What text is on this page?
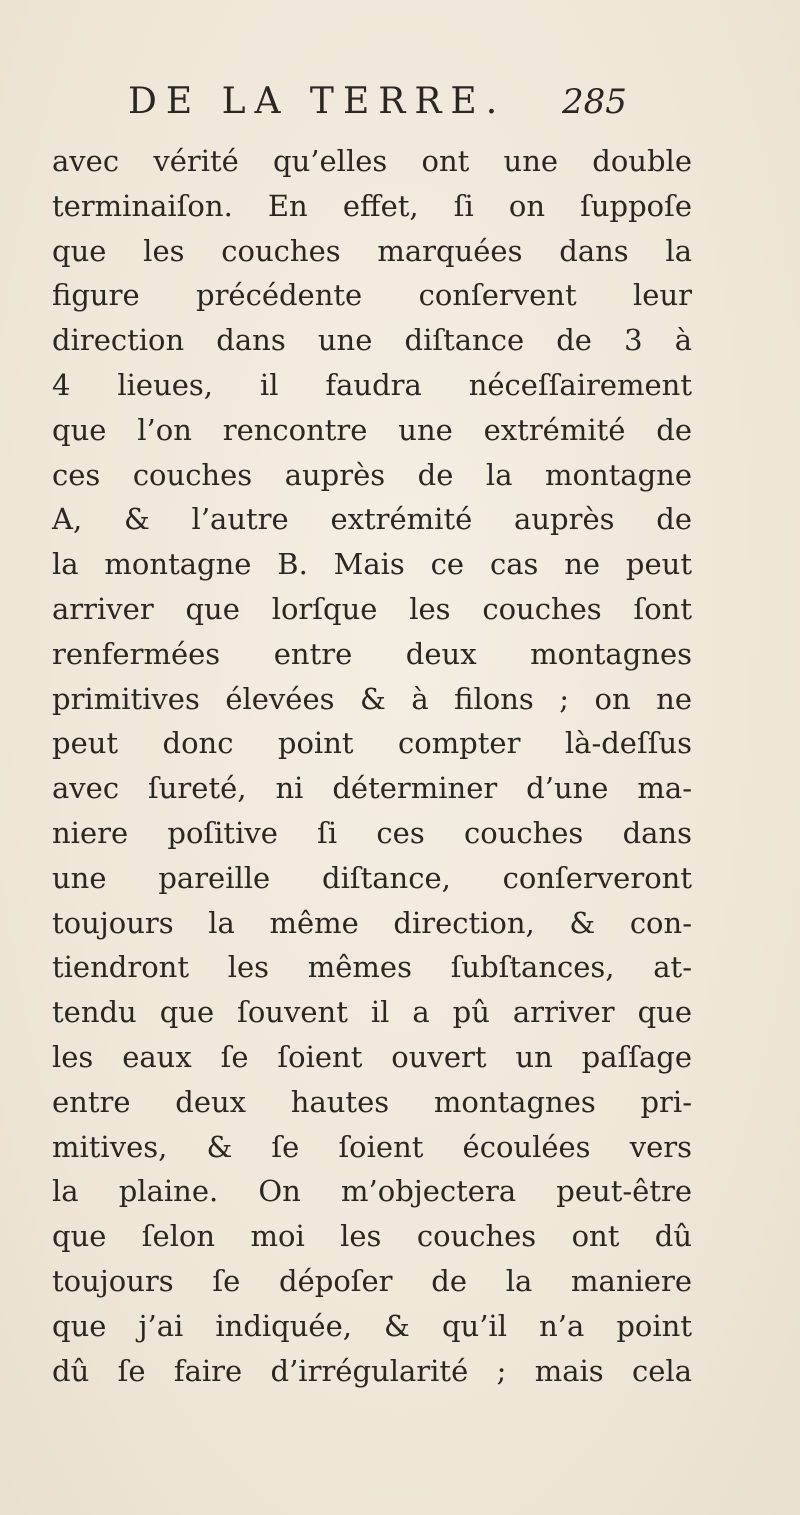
DE LA TERRE. 285
avec vérité qu’elles ont une double
terminaiſon. En effet, ſi on ſuppoſe
que les couches marquées dans la
figure précédente conſervent leur
direction dans une diſtance de 3 à
4 lieues, il faudra néceſſairement
que l’on rencontre une extrémité de
ces couches auprès de la montagne
A, & l’autre extrémité auprès de
la montagne B. Mais ce cas ne peut
arriver que lorſque les couches ſont
renfermées entre deux montagnes
primitives élevées & à filons ; on ne
peut donc point compter là-deſſus
avec ſureté, ni déterminer d’une ma-
niere poſitive ſi ces couches dans
une pareille diſtance, conſerveront
toujours la même direction, & con-
tiendront les mêmes ſubſtances, at-
tendu que ſouvent il a pû arriver que
les eaux ſe ſoient ouvert un paſſage
entre deux hautes montagnes pri-
mitives, & ſe ſoient écoulées vers
la plaine. On m’objectera peut-être
que ſelon moi les couches ont dû
toujours ſe dépoſer de la maniere
que j’ai indiquée, & qu’il n’a point
dû ſe faire d’irrégularité ; mais cela
